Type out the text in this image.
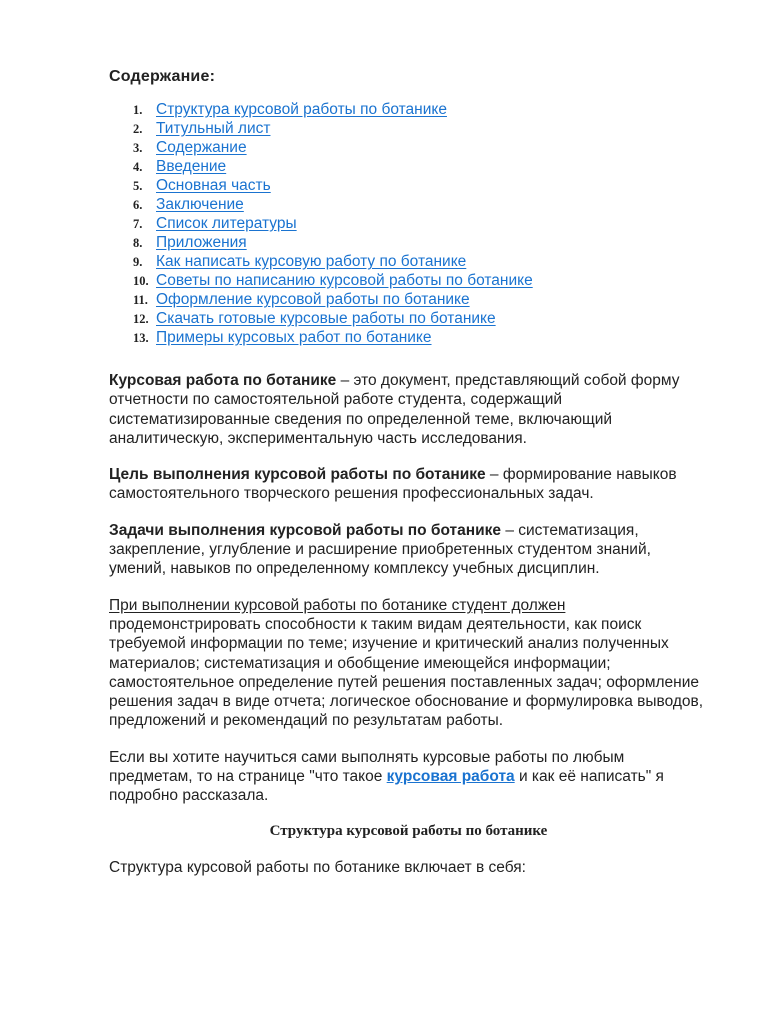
Содержание:
1. Структура курсовой работы по ботанике
2. Титульный лист
3. Содержание
4. Введение
5. Основная часть
6. Заключение
7. Список литературы
8. Приложения
9. Как написать курсовую работу по ботанике
10. Советы по написанию курсовой работы по ботанике
11. Оформление курсовой работы по ботанике
12. Скачать готовые курсовые работы по ботанике
13. Примеры курсовых работ по ботанике

Курсовая работа по ботанике – это документ, представляющий собой форму отчетности по самостоятельной работе студента, содержащий систематизированные сведения по определенной теме, включающий аналитическую, экспериментальную часть исследования.

Цель выполнения курсовой работы по ботанике – формирование навыков самостоятельного творческого решения профессиональных задач.

Задачи выполнения курсовой работы по ботанике – систематизация, закрепление, углубление и расширение приобретенных студентом знаний, умений, навыков по определенному комплексу учебных дисциплин.

При выполнении курсовой работы по ботанике студент должен продемонстрировать способности к таким видам деятельности, как поиск требуемой информации по теме; изучение и критический анализ полученных материалов; систематизация и обобщение имеющейся информации; самостоятельное определение путей решения поставленных задач; оформление решения задач в виде отчета; логическое обоснование и формулировка выводов, предложений и рекомендаций по результатам работы.

Если вы хотите научиться сами выполнять курсовые работы по любым предметам, то на странице "что такое курсовая работа и как её написать" я подробно рассказала.

Структура курсовой работы по ботанике

Структура курсовой работы по ботанике включает в себя:
